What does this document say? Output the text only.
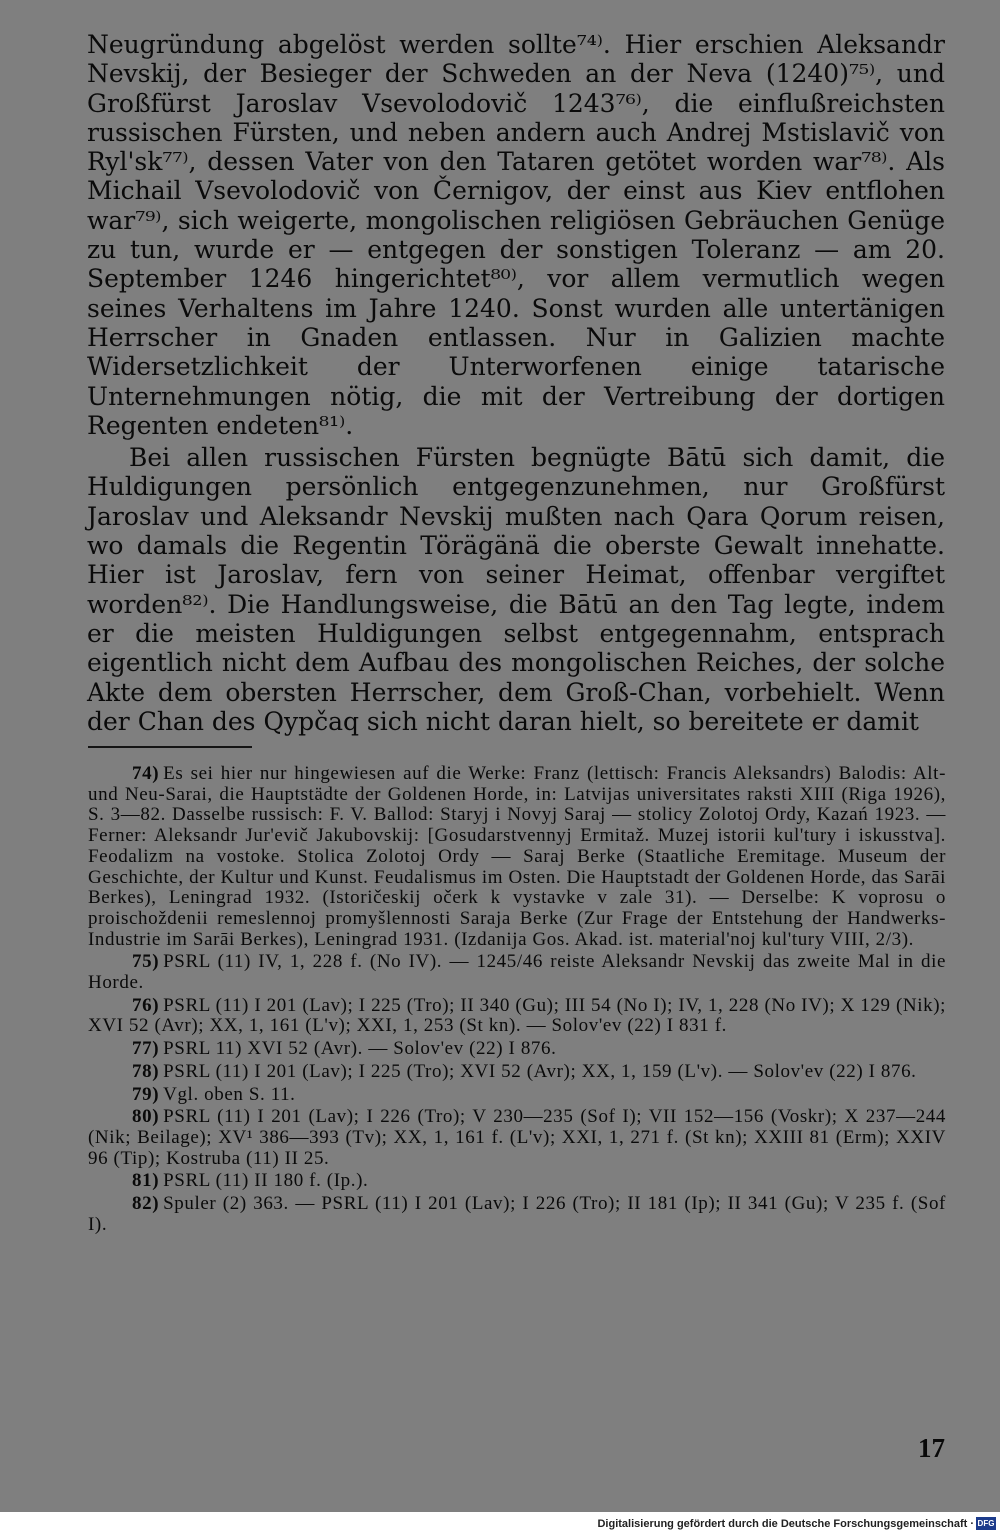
Neugründung abgelöst werden sollte⁷⁴⁾. Hier erschien Aleksandr Nevskij, der Besieger der Schweden an der Neva (1240)⁷⁵⁾, und Großfürst Jaroslav Vsevolodovič 1243⁷⁶⁾, die einflußreichsten russischen Fürsten, und neben andern auch Andrej Mstislavič von Ryl'sk⁷⁷⁾, dessen Vater von den Tataren getötet worden war⁷⁸⁾. Als Michail Vsevolodovič von Černigov, der einst aus Kiev entflohen war⁷⁹⁾, sich weigerte, mongolischen religiösen Gebräuchen Genüge zu tun, wurde er — entgegen der sonstigen Toleranz — am 20. September 1246 hingerichtet⁸⁰⁾, vor allem vermutlich wegen seines Verhaltens im Jahre 1240. Sonst wurden alle untertänigen Herrscher in Gnaden entlassen. Nur in Galizien machte Widersetzlichkeit der Unterworfenen einige tatarische Unternehmungen nötig, die mit der Vertreibung der dortigen Regenten endeten⁸¹⁾.

Bei allen russischen Fürsten begnügte Bātū sich damit, die Huldigungen persönlich entgegenzunehmen, nur Großfürst Jaroslav und Aleksandr Nevskij mußten nach Qara Qorum reisen, wo damals die Regentin Törägänä die oberste Gewalt innehatte. Hier ist Jaroslav, fern von seiner Heimat, offenbar vergiftet worden⁸²⁾. Die Handlungsweise, die Bātū an den Tag legte, indem er die meisten Huldigungen selbst entgegennahm, entsprach eigentlich nicht dem Aufbau des mongolischen Reiches, der solche Akte dem obersten Herrscher, dem Groß-Chan, vorbehielt. Wenn der Chan des Qypčaq sich nicht daran hielt, so bereitete er damit

74) Es sei hier nur hingewiesen auf die Werke: Franz (lettisch: Francis Aleksandrs) Balodis: Alt- und Neu-Sarai, die Hauptstädte der Goldenen Horde, in: Latvijas universitates raksti XIII (Riga 1926), S. 3—82. Dasselbe russisch: F. V. Ballod: Staryj i Novyj Saraj — stolicy Zolotoj Ordy, Kazań 1923. — Ferner: Aleksandr Jur'evič Jakubovskij: [Gosudarstvennyj Ermitaž. Muzej istorii kul'tury i iskusstva]. Feodalizm na vostoke. Stolica Zolotoj Ordy — Saraj Berke (Staatliche Eremitage. Museum der Geschichte, der Kultur und Kunst. Feudalismus im Osten. Die Hauptstadt der Goldenen Horde, das Sarāi Berkes), Leningrad 1932. (Istoričeskij očerk k vystavke v zale 31). — Derselbe: K voprosu o proischoždenii remeslennoj promyšlennosti Saraja Berke (Zur Frage der Entstehung der Handwerks-Industrie im Sarāi Berkes), Leningrad 1931. (Izdanija Gos. Akad. ist. material'noj kul'tury VIII, 2/3).

75) PSRL (11) IV, 1, 228 f. (No IV). — 1245/46 reiste Aleksandr Nevskij das zweite Mal in die Horde.

76) PSRL (11) I 201 (Lav); I 225 (Tro); II 340 (Gu); III 54 (No I); IV, 1, 228 (No IV); X 129 (Nik); XVI 52 (Avr); XX, 1, 161 (L'v); XXI, 1, 253 (St kn). — Solov'ev (22) I 831 f.

77) PSRL 11) XVI 52 (Avr). — Solov'ev (22) I 876.

78) PSRL (11) I 201 (Lav); I 225 (Tro); XVI 52 (Avr); XX, 1, 159 (L'v). — Solov'ev (22) I 876.

79) Vgl. oben S. 11.

80) PSRL (11) I 201 (Lav); I 226 (Tro); V 230—235 (Sof I); VII 152—156 (Voskr); X 237—244 (Nik; Beilage); XV¹ 386—393 (Tv); XX, 1, 161 f. (L'v); XXI, 1, 271 f. (St kn); XXIII 81 (Erm); XXIV 96 (Tip); Kostruba (11) II 25.

81) PSRL (11) II 180 f. (Ip.).

82) Spuler (2) 363. — PSRL (11) I 201 (Lav); I 226 (Tro); II 181 (Ip); II 341 (Gu); V 235 f. (Sof I).

17
Digitalisierung gefördert durch die Deutsche Forschungsgemeinschaft · DFG
